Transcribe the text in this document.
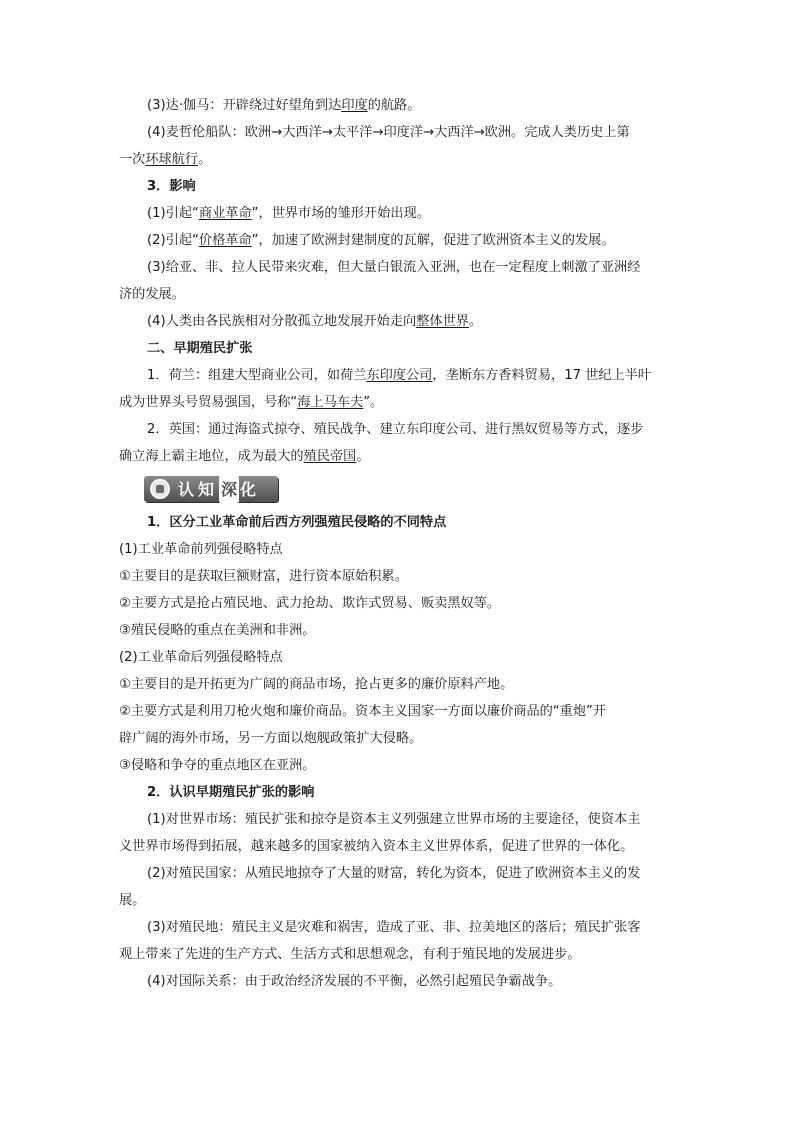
(3)达·伽马：开辟绕过好望角到达印度的航路。

(4)麦哲伦船队：欧洲→大西洋→太平洋→印度洋→大西洋→欧洲。完成人类历史上第
一次环球航行。

3．影响

(1)引起“商业革命”，世界市场的雏形开始出现。

(2)引起“价格革命”，加速了欧洲封建制度的瓦解，促进了欧洲资本主义的发展。

(3)给亚、非、拉人民带来灾难，但大量白银流入亚洲，也在一定程度上刺激了亚洲经
济的发展。

(4)人类由各民族相对分散孤立地发展开始走向整体世界。

二、早期殖民扩张

1．荷兰：组建大型商业公司，如荷兰东印度公司，垄断东方香料贸易，17 世纪上半叶
成为世界头号贸易强国，号称“海上马车夫”。

2．英国：通过海盗式掠夺、殖民战争、建立东印度公司、进行黑奴贸易等方式，逐步
确立海上霸主地位，成为最大的殖民帝国。

认知 深 化

1．区分工业革命前后西方列强殖民侵略的不同特点

(1)工业革命前列强侵略特点

①主要目的是获取巨额财富，进行资本原始积累。

②主要方式是抢占殖民地、武力抢劫、欺诈式贸易、贩卖黑奴等。

③殖民侵略的重点在美洲和非洲。

(2)工业革命后列强侵略特点

①主要目的是开拓更为广阔的商品市场，抢占更多的廉价原料产地。

②主要方式是利用刀枪火炮和廉价商品。资本主义国家一方面以廉价商品的“重炮”开
辟广阔的海外市场，另一方面以炮舰政策扩大侵略。

③侵略和争夺的重点地区在亚洲。

2．认识早期殖民扩张的影响

(1)对世界市场：殖民扩张和掠夺是资本主义列强建立世界市场的主要途径，使资本主
义世界市场得到拓展，越来越多的国家被纳入资本主义世界体系，促进了世界的一体化。

(2)对殖民国家：从殖民地掠夺了大量的财富，转化为资本，促进了欧洲资本主义的发
展。

(3)对殖民地：殖民主义是灾难和祸害，造成了亚、非、拉美地区的落后；殖民扩张客
观上带来了先进的生产方式、生活方式和思想观念，有利于殖民地的发展进步。

(4)对国际关系：由于政治经济发展的不平衡，必然引起殖民争霸战争。
